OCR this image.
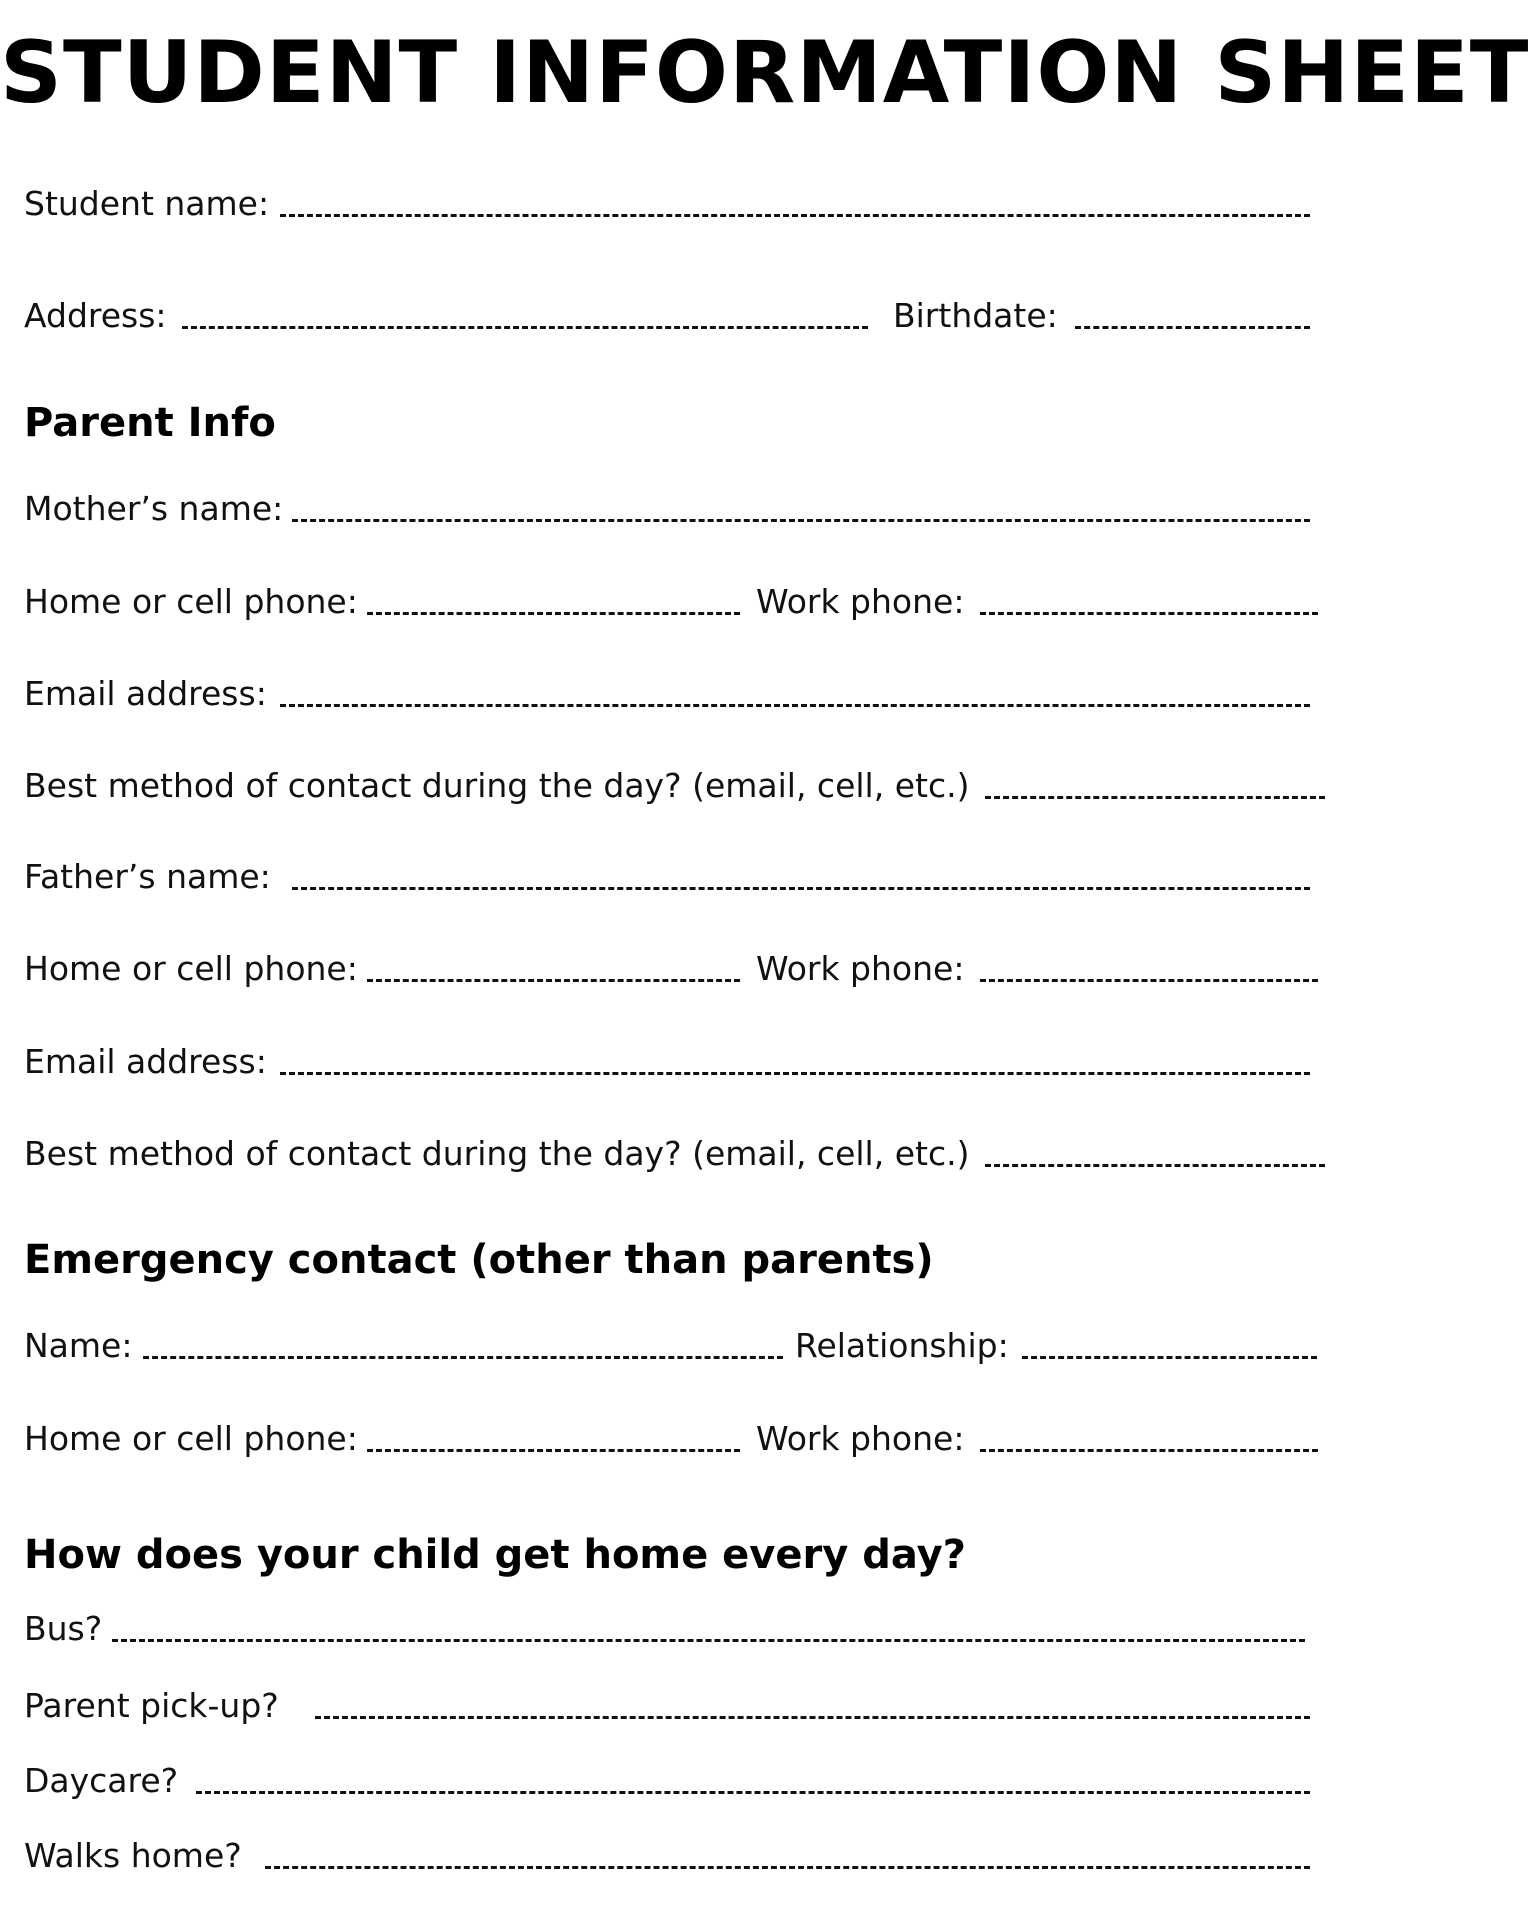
STUDENT INFORMATION SHEET
Student name:
Address:	Birthdate:
Parent Info
Mother’s name:
Home or cell phone:	Work phone:
Email address:
Best method of contact during the day? (email, cell, etc.)
Father’s name:
Home or cell phone:	Work phone:
Email address:
Best method of contact during the day? (email, cell, etc.)
Emergency contact (other than parents)
Name:	Relationship:
Home or cell phone:	Work phone:
How does your child get home every day?
Bus?
Parent pick-up?
Daycare?
Walks home?
